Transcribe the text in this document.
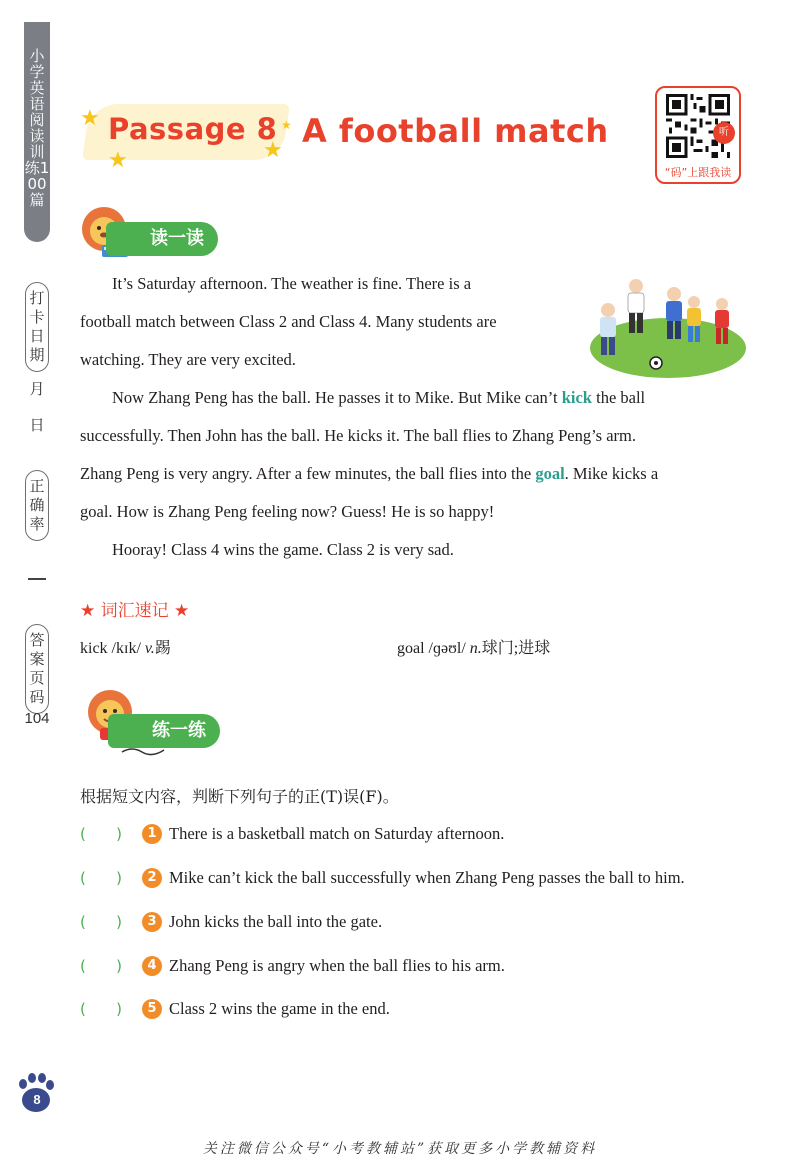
小学英语阅读训练100篇
打卡日期
月
日
正确率
答案页码
104
★
★	★
★
Passage 8 A football match	听
“码”上跟我读
读一读
It’s Saturday afternoon. The weather is fine. There is a
football match between Class 2 and Class 4. Many students are
watching. They are very excited.
Now Zhang Peng has the ball. He passes it to Mike. But Mike can’t kick the ball
successfully. Then John has the ball. He kicks it. The ball flies to Zhang Peng’s arm.
Zhang Peng is very angry. After a few minutes, the ball flies into the goal. Mike kicks a
goal. How is Zhang Peng feeling now? Guess! He is so happy!
Hooray! Class 4 wins the game. Class 2 is very sad.
★ 词汇速记 ★
kick /kɪk/ v.踢	goal /ɡəʊl/ n.球门;进球
练一练
根据短文内容，判断下列句子的正(T)误(F)。
( )	1 There is a basketball match on Saturday afternoon.
( )	2 Mike can’t kick the ball successfully when Zhang Peng passes the ball to him.
( )	3 John kicks the ball into the gate.
( )	4 Zhang Peng is angry when the ball flies to his arm.
( )	5 Class 2 wins the game in the end.
8
关注微信公众号“小考教辅站”获取更多小学教辅资料
